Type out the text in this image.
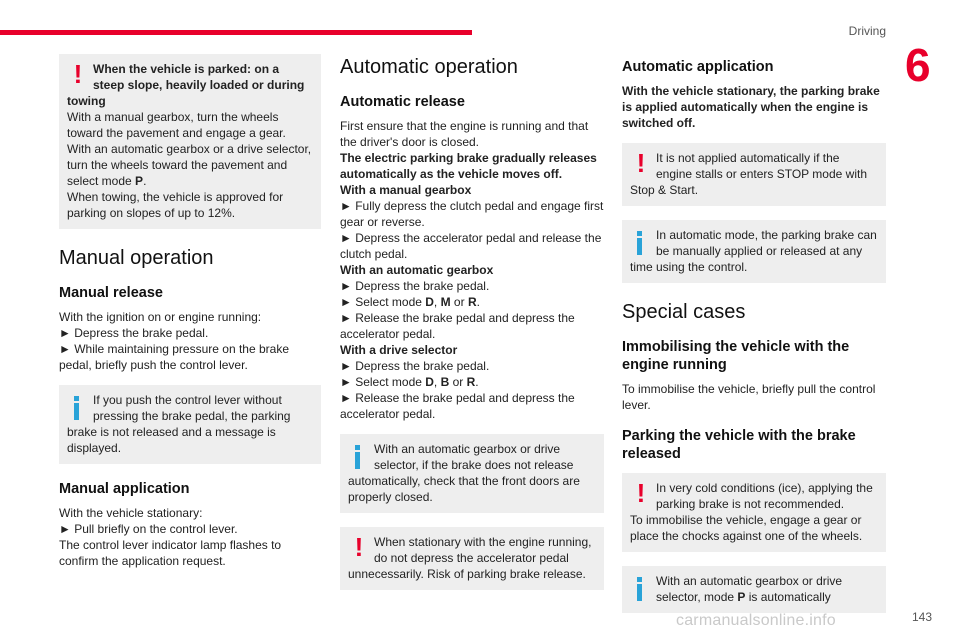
Driving
6
! When the vehicle is parked: on a steep slope, heavily loaded or during towing

With a manual gearbox, turn the wheels toward the pavement and engage a gear.

With an automatic gearbox or a drive selector, turn the wheels toward the pavement and select mode P.

When towing, the vehicle is approved for parking on slopes of up to 12%.

Manual operation
Manual release

With the ignition on or engine running:

► Depress the brake pedal.

► While maintaining pressure on the brake pedal, briefly push the control lever.

If you push the control lever without pressing the brake pedal, the parking brake is not released and a message is displayed.

Manual application

With the vehicle stationary:

► Pull briefly on the control lever.

The control lever indicator lamp flashes to confirm the application request.

Automatic operation
Automatic release

First ensure that the engine is running and that the driver's door is closed.

The electric parking brake gradually releases automatically as the vehicle moves off.

With a manual gearbox

► Fully depress the clutch pedal and engage first gear or reverse.

► Depress the accelerator pedal and release the clutch pedal.

With an automatic gearbox

► Depress the brake pedal.

► Select mode D, M or R.

► Release the brake pedal and depress the accelerator pedal.

With a drive selector

► Depress the brake pedal.

► Select mode D, B or R.

► Release the brake pedal and depress the accelerator pedal.

With an automatic gearbox or drive selector, if the brake does not release automatically, check that the front doors are properly closed.

! When stationary with the engine running, do not depress the accelerator pedal unnecessarily. Risk of parking brake release.

Automatic application

With the vehicle stationary, the parking brake is applied automatically when the engine is switched off.

! It is not applied automatically if the engine stalls or enters STOP mode with Stop & Start.

In automatic mode, the parking brake can be manually applied or released at any time using the control.

Special cases
Immobilising the vehicle with the engine running

To immobilise the vehicle, briefly pull the control lever.

Parking the vehicle with the brake released
! In very cold conditions (ice), applying the parking brake is not recommended.

To immobilise the vehicle, engage a gear or place the chocks against one of the wheels.

With an automatic gearbox or drive selector, mode P is automatically

143
carmanualsonline.info
